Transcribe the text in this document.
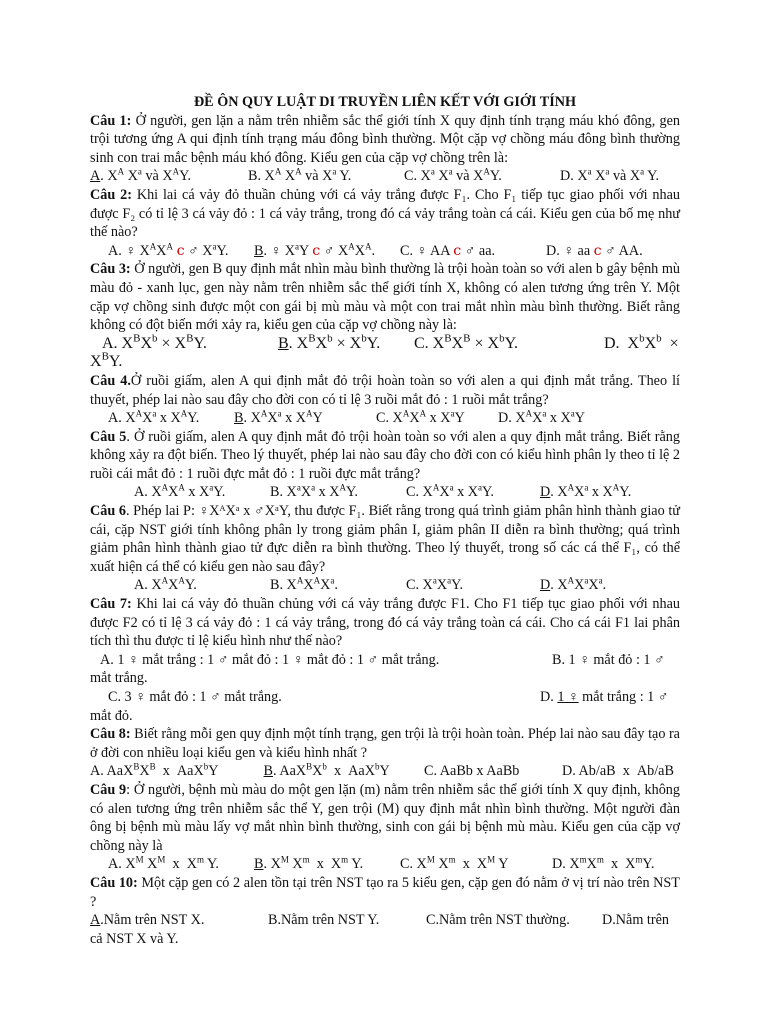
ĐỀ ÔN QUY LUẬT DI TRUYỀN LIÊN KẾT VỚI GIỚI TÍNH
Câu 1: Ở người, gen lặn a nằm trên nhiễm sắc thể giới tính X quy định tính trạng máu khó đông, gen trội tương ứng A qui định tính trạng máu đông bình thường. Một cặp vợ chồng máu đông bình thường sinh con trai mắc bệnh máu khó đông. Kiểu gen của cặp vợ chồng trên là:
A. $X^A$ $X^a$ và $X^AY$.	B. $X^A$ $X^A$ và $X^a$ Y.	C. $X^a$ $X^a$ và $X^AY$.	D. $X^a$ $X^a$ và $X^a$ Y.
Câu 2: Khi lai cá vảy đỏ thuần chủng với cá vảy trắng được F₁. Cho F₁ tiếp tục giao phối với nhau được F₂ có tỉ lệ 3 cá vảy đỏ : 1 cá vảy trắng, trong đó cá vảy trắng toàn cá cái. Kiểu gen của bố mẹ như thế nào?
A. ♀ $X^AX^A$ ⅽ ♂ $X^aY$.	B. ♀ $X^aY$ ⅽ ♂ $X^AX^A$.	C. ♀ AA ⅽ ♂ aa.	D. ♀ aa ⅽ ♂ AA.
Câu 3: Ở người, gen B quy định mắt nhìn màu bình thường là trội hoàn toàn so với alen b gây bệnh mù màu đỏ - xanh lục, gen này nằm trên nhiễm sắc thể giới tính X, không có alen tương ứng trên Y. Một cặp vợ chồng sinh được một con gái bị mù màu và một con trai mắt nhìn màu bình thường. Biết rằng không có đột biến mới xảy ra, kiểu gen của cặp vợ chồng này là:
A. $X^BX^b \times X^BY$.	B. $X^BX^b \times X^bY$.	C. $X^BX^B \times X^bY$.	D.  $X^bX^b$  ×
$X^BY$.
Câu 4.Ở ruồi giấm, alen A qui định mắt đỏ trội hoàn toàn so với alen a qui định mắt trắng. Theo lí thuyết, phép lai nào sau đây cho đời con có tỉ lệ 3 ruồi mắt đỏ : 1 ruồi mắt trắng?
A. $X^AX^a$ x $X^AY$.	B. $X^AX^a$ x $X^AY$	C. $X^AX^A$ x $X^aY$	D. $X^AX^a$ x $X^aY$
Câu 5. Ở ruồi giấm, alen A quy định mắt đỏ trội hoàn toàn so với alen a quy định mắt trắng. Biết rằng không xảy ra đột biến. Theo lý thuyết, phép lai nào sau đây cho đời con có kiểu hình phân ly theo tỉ lệ 2 ruồi cái mắt đỏ : 1 ruồi đực mắt đỏ : 1 ruồi đực mắt trắng?
A. $X^AX^A$ x $X^aY$.	B. $X^aX^a$ x $X^AY$.	C. $X^AX^a$ x $X^aY$.	D. $X^AX^a$ x $X^AY$.
Câu 6. Phép lai P: ♀XᴬXᵃ x ♂XᵃY, thu được F₁. Biết rằng trong quá trình giảm phân hình thành giao tử cái, cặp NST giới tính không phân ly trong giảm phân I, giảm phân II diễn ra bình thường; quá trình giảm phân hình thành giao tử đực diễn ra bình thường. Theo lý thuyết, trong số các cá thể F₁, có thể xuất hiện cá thể có kiểu gen nào sau đây?
A. $X^AX^AY$.	B. $X^AX^AX^a$.	C. $X^aX^aY$.	D. $X^AX^aX^a$.
Câu 7: Khi lai cá vảy đỏ thuần chủng với cá vảy trắng được F1. Cho F1 tiếp tục giao phối với nhau được F2 có tỉ lệ 3 cá vảy đỏ : 1 cá vảy trắng, trong đó cá vảy trắng toàn cá cái. Cho cá cái F1 lai phân tích thì thu được tỉ lệ kiểu hình như thế nào?
A. 1 ♀ mắt trắng : 1 ♂ mắt đỏ : 1 ♀ mắt đỏ : 1 ♂ mắt trắng.	B. 1 ♀ mắt đỏ : 1 ♂
mắt trắng.
C. 3 ♀ mắt đỏ : 1 ♂ mắt trắng.	D. 1 ♀ mắt trắng : 1 ♂
mắt đỏ.
Câu 8: Biết rằng mỗi gen quy định một tính trạng, gen trội là trội hoàn toàn. Phép lai nào sau đây tạo ra ở đời con nhiều loại kiểu gen và kiểu hình nhất ?
A. $AaX^BX^B$  x  AaX$^b$Y	B. $AaX^BX^b$  x  AaX$^b$Y	C. AaBb x AaBb	D. Ab/aB  x  Ab/aB
Câu 9: Ở người, bệnh mù màu do một gen lặn (m) nằm trên nhiễm sắc thể giới tính X quy định, không có alen tương ứng trên nhiễm sắc thể Y, gen trội (M) quy định mắt nhìn bình thường. Một người đàn ông bị bệnh mù màu lấy vợ mắt nhìn bình thường, sinh con gái bị bệnh mù màu. Kiểu gen của cặp vợ chồng này là
A. $X^M$ $X^M$  x  $X^m$ Y.	B. $X^M$ $X^m$  x  $X^m$ Y.	C. $X^M$ $X^m$  x  $X^M$ Y	D. $X^mX^m$  x  $X^mY$.
Câu 10: Một cặp gen có 2 alen tồn tại trên NST tạo ra 5 kiểu gen, cặp gen đó nằm ở vị trí nào trên NST ?
A.Nằm trên NST X.	B.Nằm trên NST Y.	C.Nằm trên NST thường.	D.Nằm trên
cả NST X và Y.
